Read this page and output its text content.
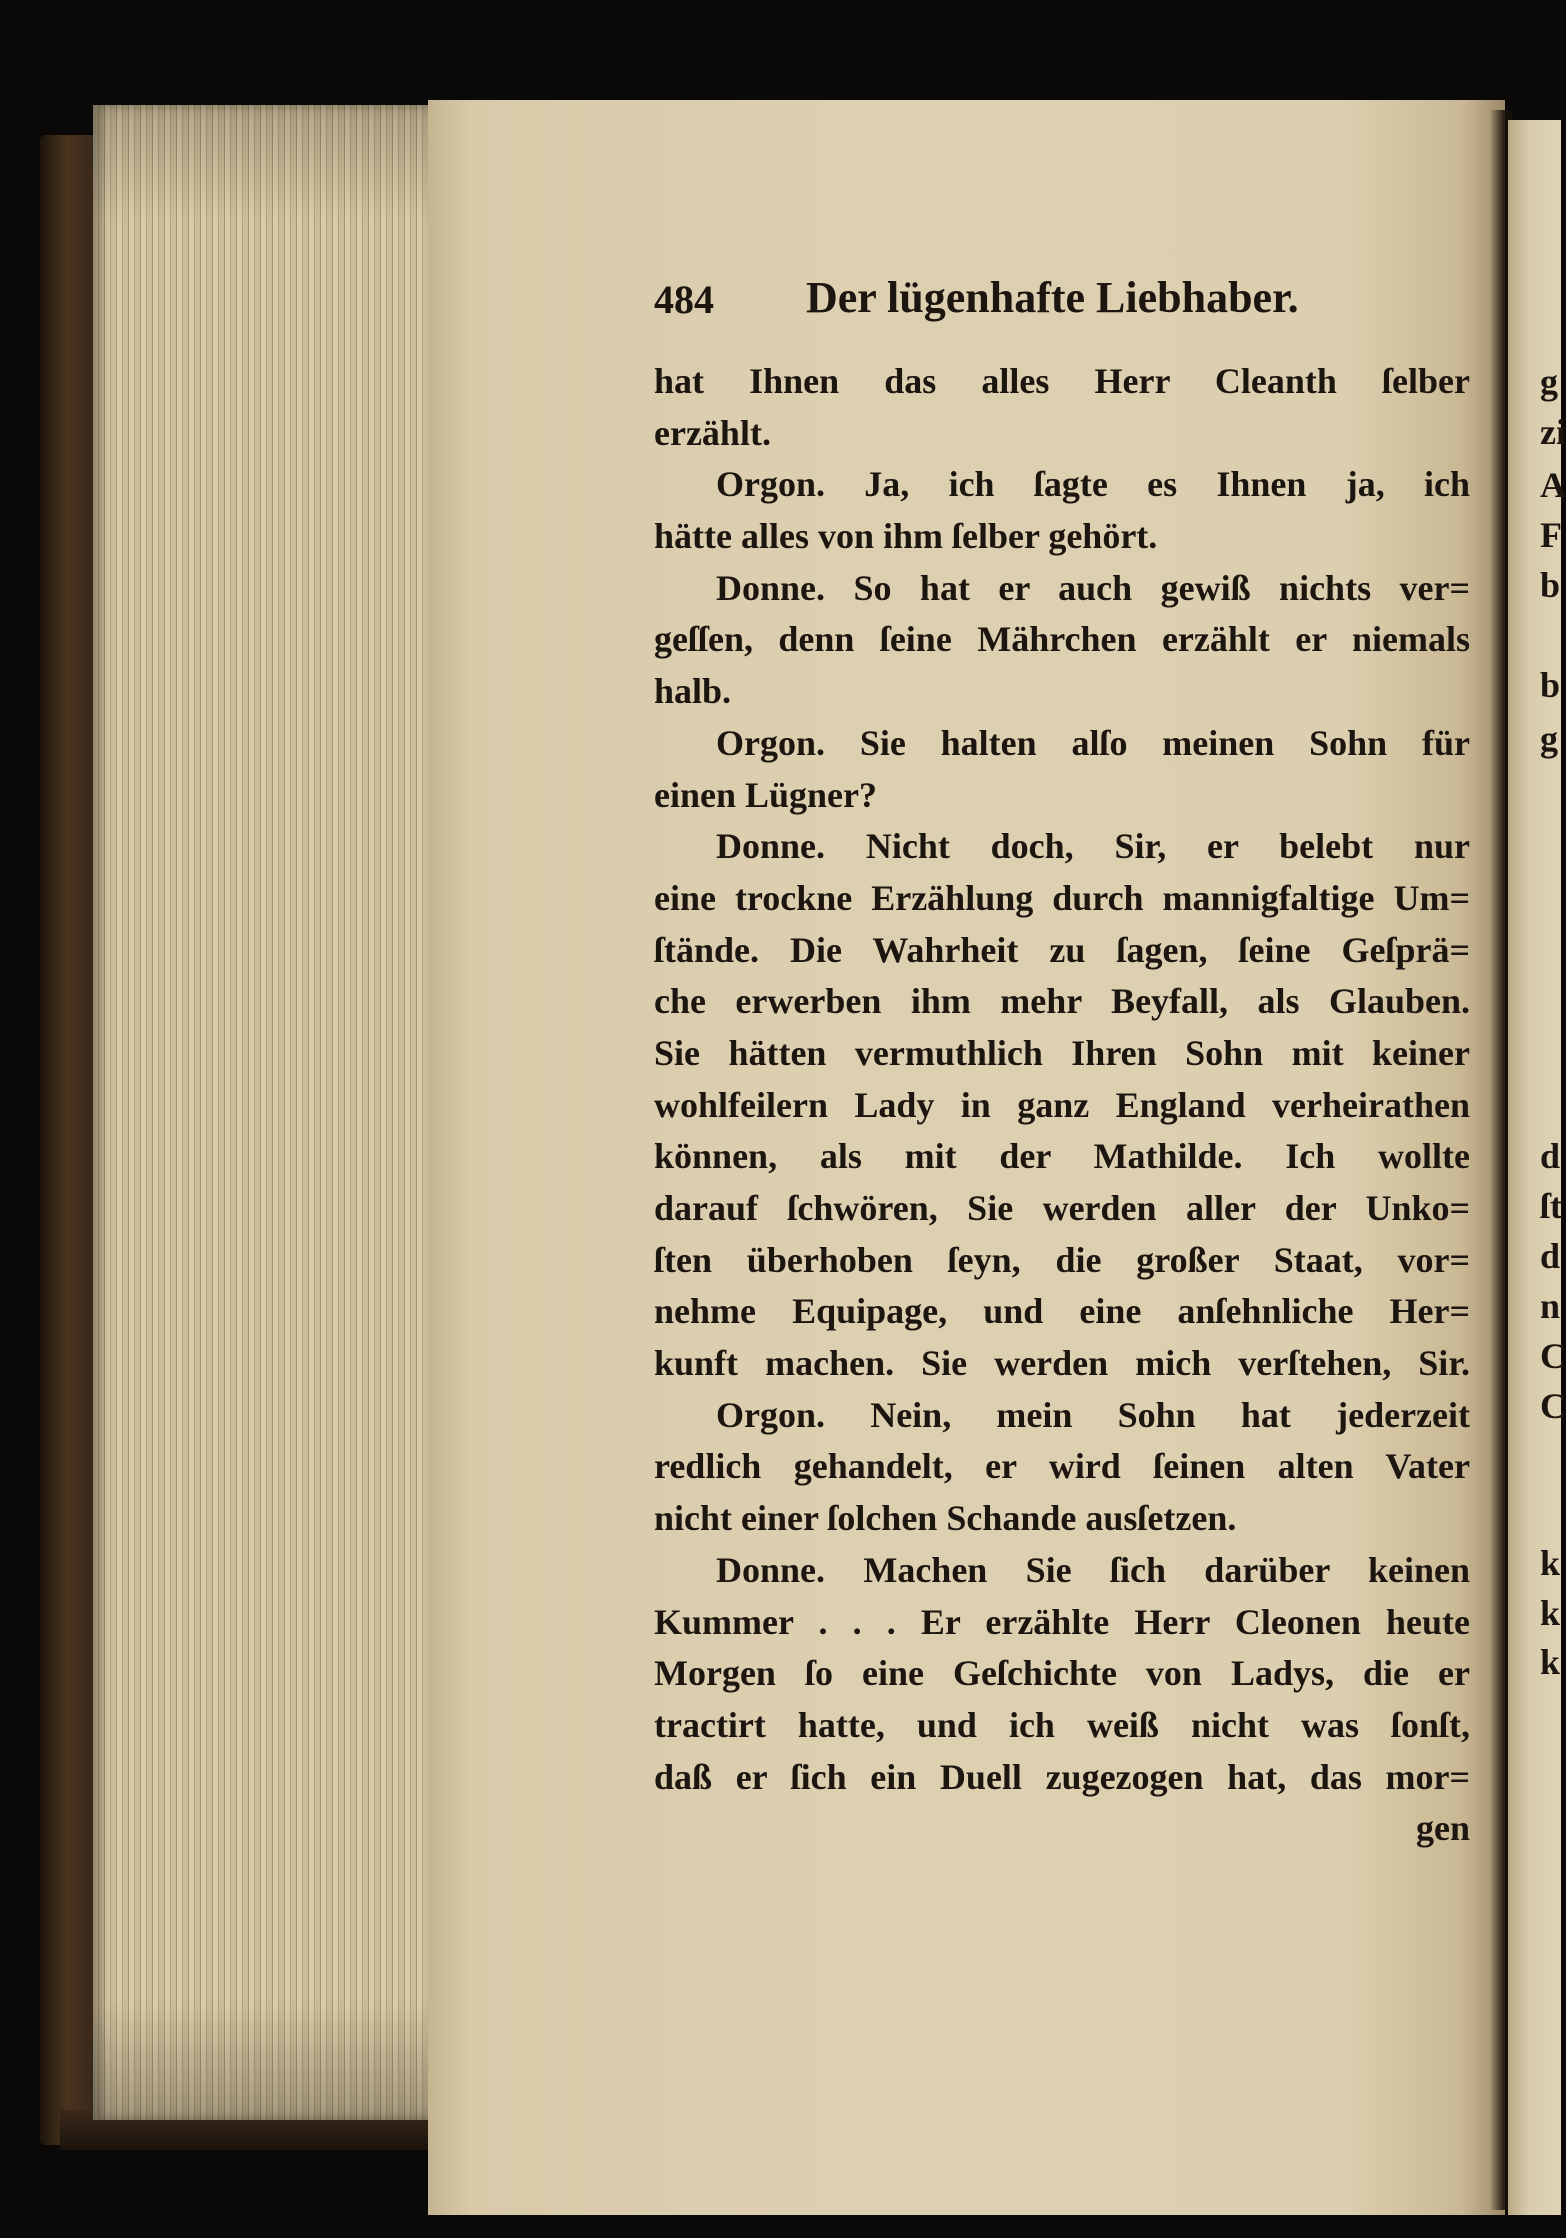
g
zi
A
F
b
b
g
d
ſt
d
n
C
C
k
k
k
484 Der lügenhafte Liebhaber.
hat Ihnen das alles Herr Cleanth ſelber
erzählt.
Orgon. Ja, ich ſagte es Ihnen ja, ich
hätte alles von ihm ſelber gehört.
Donne. So hat er auch gewiß nichts ver=
geſſen, denn ſeine Mährchen erzählt er niemals
halb.
Orgon. Sie halten alſo meinen Sohn für
einen Lügner?
Donne. Nicht doch, Sir, er belebt nur
eine trockne Erzählung durch mannigfaltige Um=
ſtände. Die Wahrheit zu ſagen, ſeine Geſprä=
che erwerben ihm mehr Beyfall, als Glauben.
Sie hätten vermuthlich Ihren Sohn mit keiner
wohlfeilern Lady in ganz England verheirathen
können, als mit der Mathilde. Ich wollte
darauf ſchwören, Sie werden aller der Unko=
ſten überhoben ſeyn, die großer Staat, vor=
nehme Equipage, und eine anſehnliche Her=
kunft machen. Sie werden mich verſtehen, Sir.
Orgon. Nein, mein Sohn hat jederzeit
redlich gehandelt, er wird ſeinen alten Vater
nicht einer ſolchen Schande ausſetzen.
Donne. Machen Sie ſich darüber keinen
Kummer . . . Er erzählte Herr Cleonen heute
Morgen ſo eine Geſchichte von Ladys, die er
tractirt hatte, und ich weiß nicht was ſonſt,
daß er ſich ein Duell zugezogen hat, das mor=
gen
